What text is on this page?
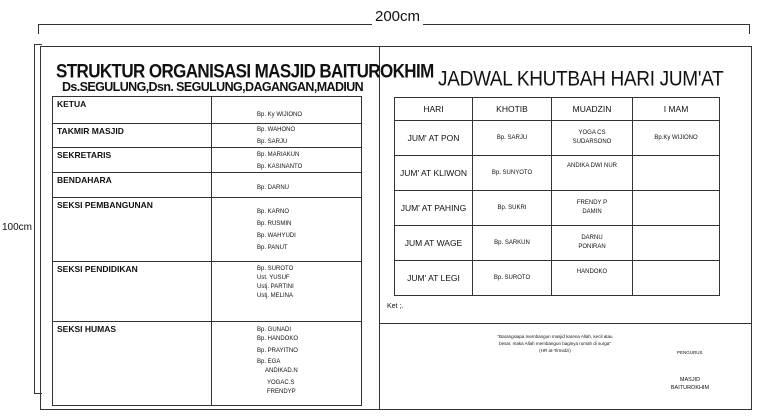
200cm
100cm
STRUKTUR ORGANISASI MASJID BAITUROKHIM
Ds.SEGULUNG,Dsn. SEGULUNG,DAGANGAN,MADIUN
KETUA
Bp. Ky WIJIONO
TAKMIR MASJID	Bp. WAHONO
Bp. SARJU
SEKRETARIS	Bp. MARIAKUN
Bp. KASINANTO
BENDAHARA
Bp. DARNU
SEKSI PEMBANGUNAN
Bp. KARNO
Bp. RUSMIN
Bp. WAHYUDI
Bp. PANUT
SEKSI PENDIDIKAN	Bp. SUROTO
Ust. YUSUF
Ustj. PARTINI
Ustj. MELINA
SEKSI HUMAS	Bp. GUNADI
Bp. HANDOKO
Bp. PRAYITNO
Bp. EGA
ANDIKAD.N
YOGAC.S
FRENDYP
JADWAL KHUTBAH HARI JUM'AT
HARI	KHOTIB	MUADZIN	I MAM
JUM' AT PON	Bp. SARJU	YOGA CS
SUDARSONO	Bp.Ky WIJIONO
JUM' AT KLIWON	Bp. SUNYOTO	ANDIKA DWI NUR	
JUM' AT PAHING	Bp. SUKRI	FRENDY P
DAMIN	
JUM AT WAGE	Bp. SARKUN	DARNU
PONIRAN	
JUM' AT LEGI	Bp. SUROTO	HANDOKO	
Ket ;.
"Barangsiapa membangun masjid karena Allah, kecil atau
besar, maka Allah membangun baginya rumah di surga"
(HR at-Tirmidzi)	PENGURUS
MASJID
BAITUROKHIM
